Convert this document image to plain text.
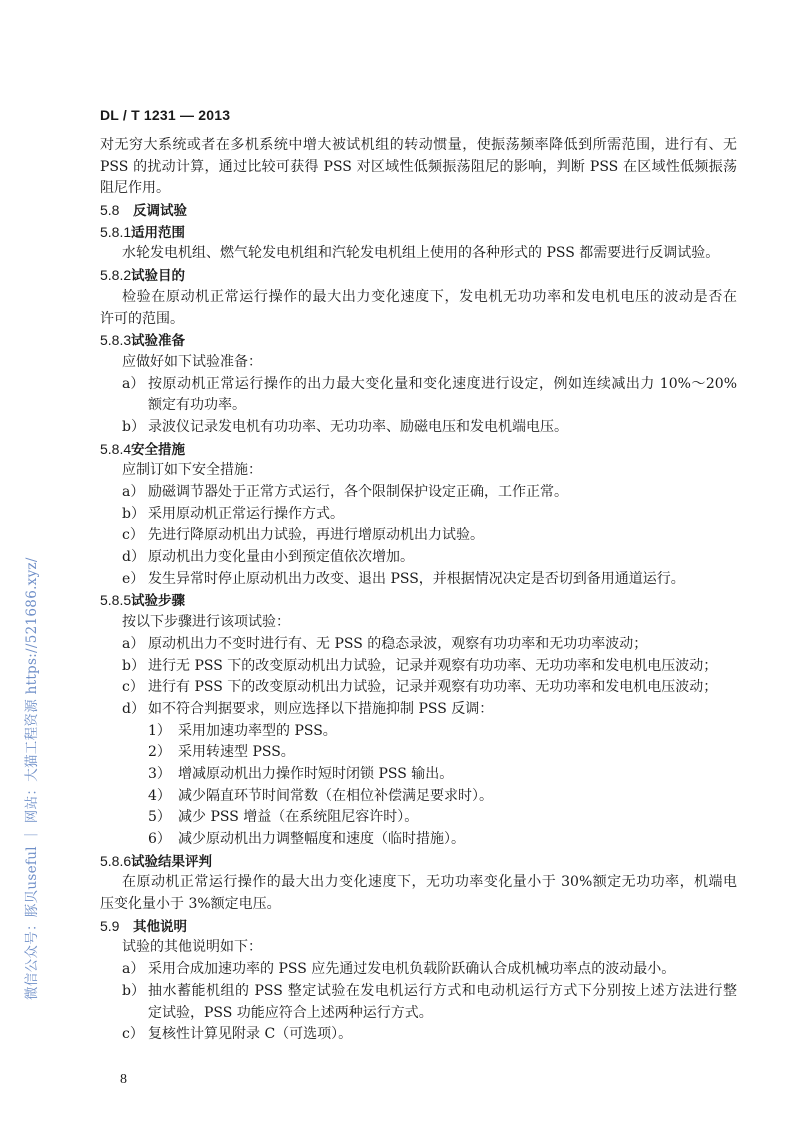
DL / T 1231 — 2013
对无穷大系统或者在多机系统中增大被试机组的转动惯量，使振荡频率降低到所需范围，进行有、无
PSS 的扰动计算，通过比较可获得 PSS 对区域性低频振荡阻尼的影响，判断 PSS 在区域性低频振荡
阻尼作用。
5.8 反调试验
5.8.1适用范围
水轮发电机组、燃气轮发电机组和汽轮发电机组上使用的各种形式的 PSS 都需要进行反调试验。
5.8.2试验目的
检验在原动机正常运行操作的最大出力变化速度下，发电机无功功率和发电机电压的波动是否在
许可的范围。
5.8.3试验准备
应做好如下试验准备：
a） 按原动机正常运行操作的出力最大变化量和变化速度进行设定，例如连续减出力 10%～20%
额定有功功率。
b） 录波仪记录发电机有功功率、无功功率、励磁电压和发电机端电压。
5.8.4安全措施
应制订如下安全措施：
a） 励磁调节器处于正常方式运行，各个限制保护设定正确，工作正常。
b） 采用原动机正常运行操作方式。
c） 先进行降原动机出力试验，再进行增原动机出力试验。
d） 原动机出力变化量由小到预定值依次增加。
e） 发生异常时停止原动机出力改变、退出 PSS，并根据情况决定是否切到备用通道运行。
5.8.5试验步骤
按以下步骤进行该项试验：
a） 原动机出力不变时进行有、无 PSS 的稳态录波，观察有功功率和无功功率波动；
b） 进行无 PSS 下的改变原动机出力试验，记录并观察有功功率、无功功率和发电机电压波动；
c） 进行有 PSS 下的改变原动机出力试验，记录并观察有功功率、无功功率和发电机电压波动；
d） 如不符合判据要求，则应选择以下措施抑制 PSS 反调：
1） 采用加速功率型的 PSS。
2） 采用转速型 PSS。
3） 增减原动机出力操作时短时闭锁 PSS 输出。
4） 减少隔直环节时间常数（在相位补偿满足要求时）。
5） 减少 PSS 增益（在系统阻尼容许时）。
6） 减少原动机出力调整幅度和速度（临时措施）。
5.8.6试验结果评判
在原动机正常运行操作的最大出力变化速度下，无功功率变化量小于 30%额定无功功率，机端电
压变化量小于 3%额定电压。
5.9 其他说明
试验的其他说明如下：
a） 采用合成加速功率的 PSS 应先通过发电机负载阶跃确认合成机械功率点的波动最小。
b） 抽水蓄能机组的 PSS 整定试验在发电机运行方式和电动机运行方式下分别按上述方法进行整
定试验，PSS 功能应符合上述两种运行方式。
c） 复核性计算见附录 C（可选项）。
8
微信公众号：豚贝useful ｜ 网站：大猫工程资源 https://521686.xyz/
